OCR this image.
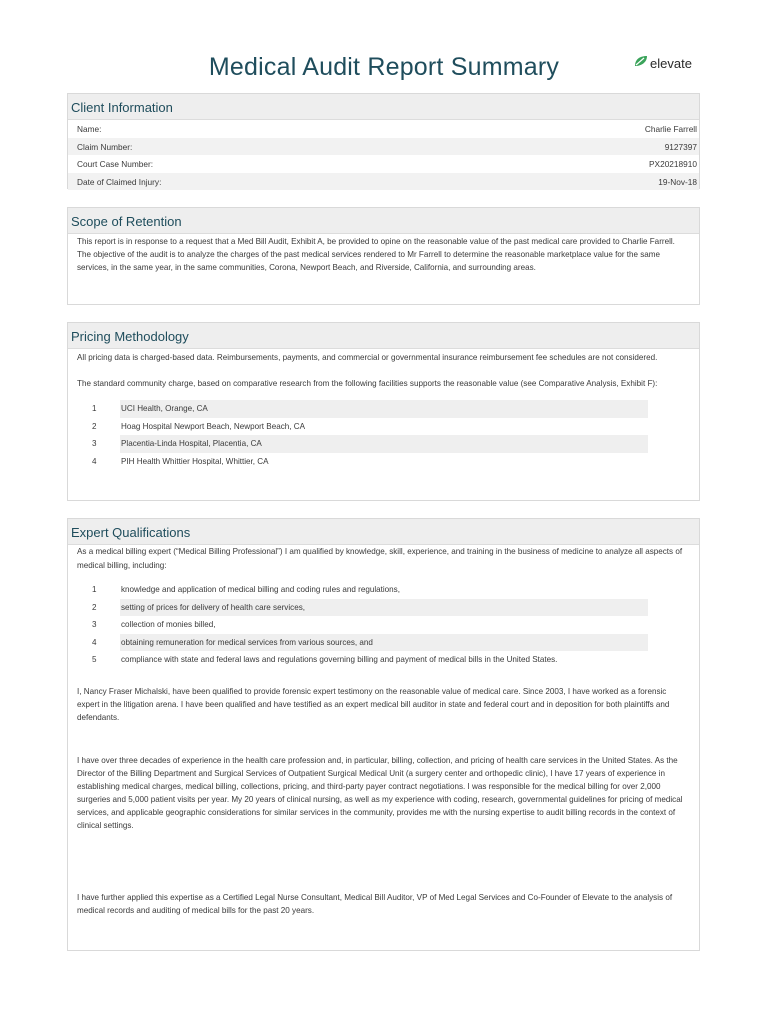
Medical Audit Report Summary	elevate
Client Information
Name:	Charlie Farrell
Claim Number:	9127397
Court Case Number:	PX20218910
Date of Claimed Injury:	19-Nov-18
Scope of Retention
This report is in response to a request that a Med Bill Audit, Exhibit A, be provided to opine on the reasonable value of the past medical care provided to Charlie Farrell. The objective of the audit is to analyze the charges of the past medical services rendered to Mr Farrell to determine the reasonable marketplace value for the same services, in the same year, in the same communities, Corona, Newport Beach, and Riverside, California, and surrounding areas.
Pricing Methodology
All pricing data is charged-based data. Reimbursements, payments, and commercial or governmental insurance reimbursement fee schedules are not considered.
The standard community charge, based on comparative research from the following facilities supports the reasonable value (see Comparative Analysis, Exhibit F):
1	UCI Health, Orange, CA
2	Hoag Hospital Newport Beach, Newport Beach, CA
3	Placentia-Linda Hospital, Placentia, CA
4	PIH Health Whittier Hospital, Whittier, CA
Expert Qualifications
As a medical billing expert (“Medical Billing Professional”) I am qualified by knowledge, skill, experience, and training in the business of medicine to analyze all aspects of medical billing, including:
1	knowledge and application of medical billing and coding rules and regulations,
2	setting of prices for delivery of health care services,
3	collection of monies billed,
4	obtaining remuneration for medical services from various sources, and
5	compliance with state and federal laws and regulations governing billing and payment of medical bills in the United States.
I, Nancy Fraser Michalski, have been qualified to provide forensic expert testimony on the reasonable value of medical care. Since 2003, I have worked as a forensic expert in the litigation arena. I have been qualified and have testified as an expert medical bill auditor in state and federal court and in deposition for both plaintiffs and defendants.
I have over three decades of experience in the health care profession and, in particular, billing, collection, and pricing of health care services in the United States. As the Director of the Billing Department and Surgical Services of Outpatient Surgical Medical Unit (a surgery center and orthopedic clinic), I have 17 years of experience in establishing medical charges, medical billing, collections, pricing, and third-party payer contract negotiations. I was responsible for the medical billing for over 2,000 surgeries and 5,000 patient visits per year. My 20 years of clinical nursing, as well as my experience with coding, research, governmental guidelines for pricing of medical services, and applicable geographic considerations for similar services in the community, provides me with the nursing expertise to audit billing records in the context of clinical settings.
I have further applied this expertise as a Certified Legal Nurse Consultant, Medical Bill Auditor, VP of Med Legal Services and Co-Founder of Elevate to the analysis of medical records and auditing of medical bills for the past 20 years.
